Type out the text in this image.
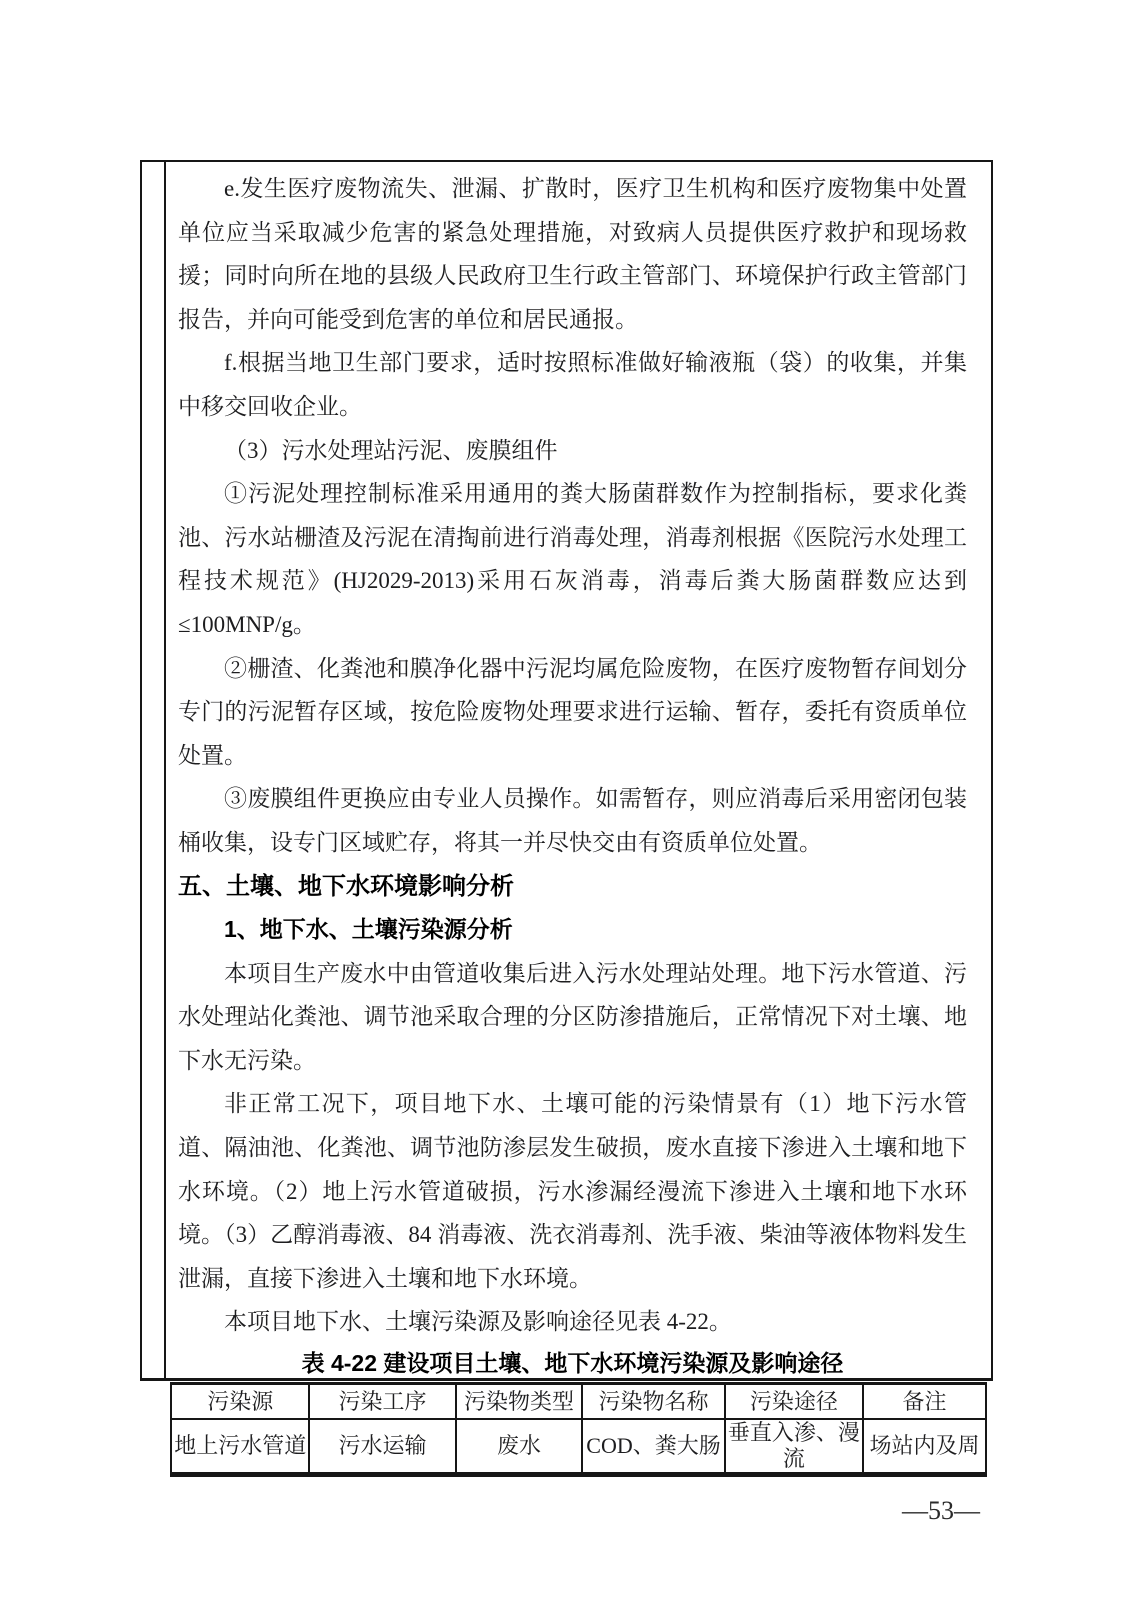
e.发生医疗废物流失、泄漏、扩散时，医疗卫生机构和医疗废物集中处置单位应当采取减少危害的紧急处理措施，对致病人员提供医疗救护和现场救援；同时向所在地的县级人民政府卫生行政主管部门、环境保护行政主管部门报告，并向可能受到危害的单位和居民通报。

f.根据当地卫生部门要求，适时按照标准做好输液瓶（袋）的收集，并集中移交回收企业。

（3）污水处理站污泥、废膜组件

①污泥处理控制标准采用通用的粪大肠菌群数作为控制指标，要求化粪池、污水站栅渣及污泥在清掏前进行消毒处理，消毒剂根据《医院污水处理工程技术规范》(HJ2029-2013)采用石灰消毒，消毒后粪大肠菌群数应达到≤100MNP/g。

②栅渣、化粪池和膜净化器中污泥均属危险废物，在医疗废物暂存间划分专门的污泥暂存区域，按危险废物处理要求进行运输、暂存，委托有资质单位处置。

③废膜组件更换应由专业人员操作。如需暂存，则应消毒后采用密闭包装桶收集，设专门区域贮存，将其一并尽快交由有资质单位处置。

五、土壤、地下水环境影响分析

1、地下水、土壤污染源分析

本项目生产废水中由管道收集后进入污水处理站处理。地下污水管道、污水处理站化粪池、调节池采取合理的分区防渗措施后，正常情况下对土壤、地下水无污染。

非正常工况下，项目地下水、土壤可能的污染情景有（1）地下污水管道、隔油池、化粪池、调节池防渗层发生破损，废水直接下渗进入土壤和地下水环境。（2）地上污水管道破损，污水渗漏经漫流下渗进入土壤和地下水环境。（3）乙醇消毒液、84 消毒液、洗衣消毒剂、洗手液、柴油等液体物料发生泄漏，直接下渗进入土壤和地下水环境。

本项目地下水、土壤污染源及影响途径见表 4-22。

表 4-22 建设项目土壤、地下水环境污染源及影响途径

污染源	污染工序	污染物类型	污染物名称	污染途径	备注
地上污水管道	污水运输	废水	COD、粪大肠	垂直入渗、漫流	场站内及周
—53—
